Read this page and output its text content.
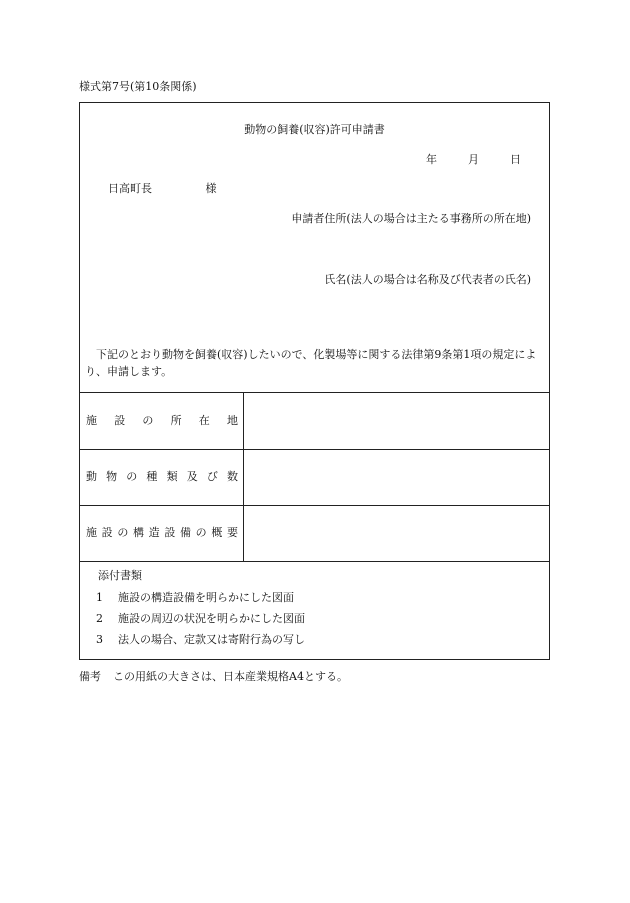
様式第7号(第10条関係)
動物の飼養(収容)許可申請書
年	月	日
日高町長	様
申請者住所(法人の場合は主たる事務所の所在地)
氏名(法人の場合は名称及び代表者の氏名)
下記のとおり動物を飼養(収容)したいので、化製場等に関する法律第9条第1項の規定により、申請します。
施設の所在地
動物の種類及び数
施設の構造設備の概要
添付書類
1 施設の構造設備を明らかにした図面
2 施設の周辺の状況を明らかにした図面
3 法人の場合、定款又は寄附行為の写し
備考 この用紙の大きさは、日本産業規格A4とする。
